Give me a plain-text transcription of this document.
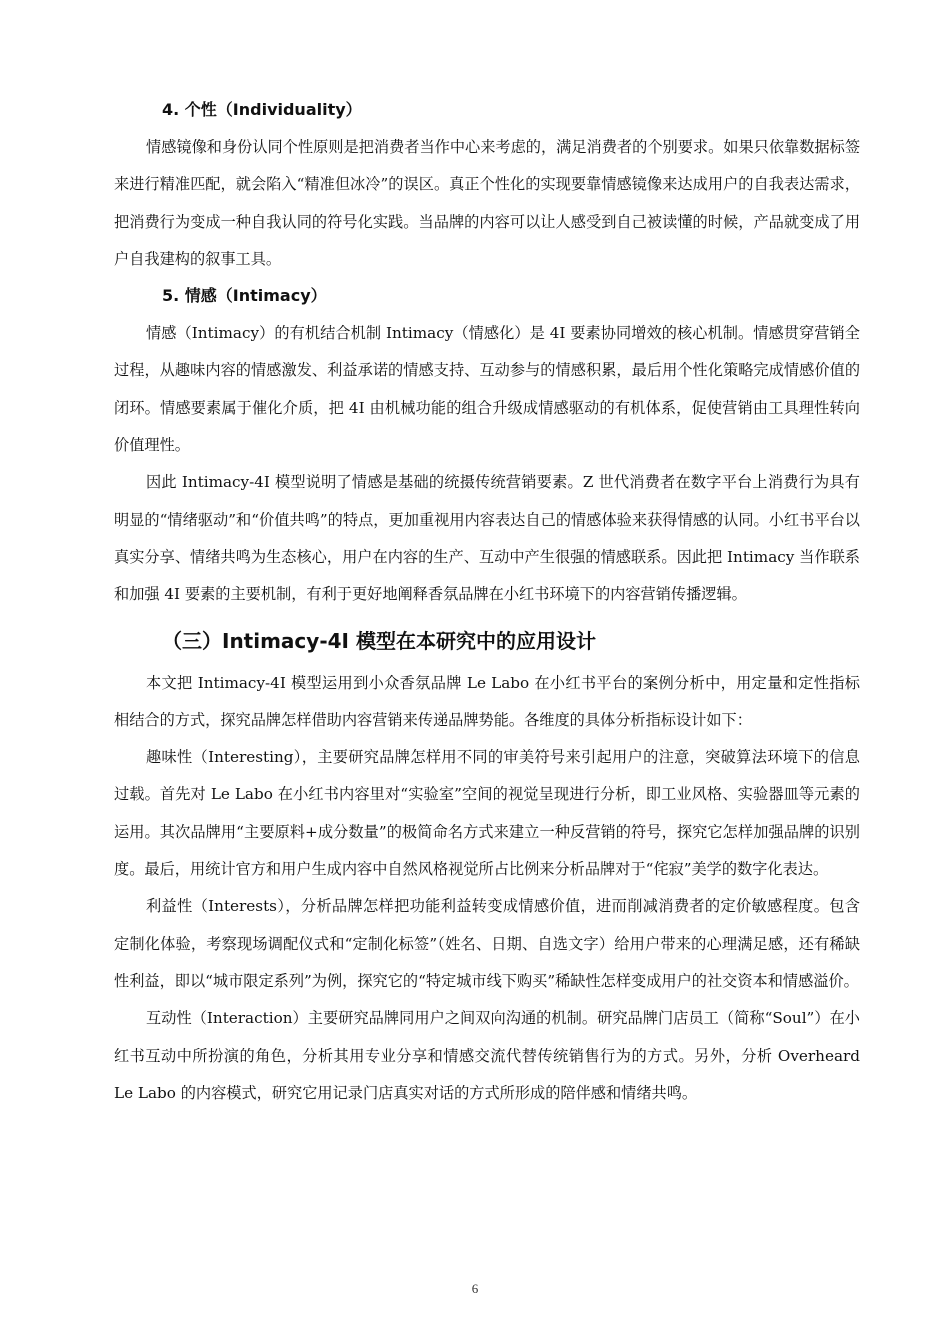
4. 个性（Individuality）

情感镜像和身份认同个性原则是把消费者当作中心来考虑的，满足消费者的个别要求。如果只依靠数据标签来进行精准匹配，就会陷入“精准但冰冷”的误区。真正个性化的实现要靠情感镜像来达成用户的自我表达需求，把消费行为变成一种自我认同的符号化实践。当品牌的内容可以让人感受到自己被读懂的时候，产品就变成了用户自我建构的叙事工具。

5. 情感（Intimacy）

情感（Intimacy）的有机结合机制 Intimacy（情感化）是 4I 要素协同增效的核心机制。情感贯穿营销全过程，从趣味内容的情感激发、利益承诺的情感支持、互动参与的情感积累，最后用个性化策略完成情感价值的闭环。情感要素属于催化介质，把 4I 由机械功能的组合升级成情感驱动的有机体系，促使营销由工具理性转向价值理性。

因此 Intimacy-4I 模型说明了情感是基础的统摄传统营销要素。Z 世代消费者在数字平台上消费行为具有明显的“情绪驱动”和“价值共鸣”的特点，更加重视用内容表达自己的情感体验来获得情感的认同。小红书平台以真实分享、情绪共鸣为生态核心，用户在内容的生产、互动中产生很强的情感联系。因此把 Intimacy 当作联系和加强 4I 要素的主要机制，有利于更好地阐释香氛品牌在小红书环境下的内容营销传播逻辑。

（三）Intimacy-4I 模型在本研究中的应用设计

本文把 Intimacy-4I 模型运用到小众香氛品牌 Le Labo 在小红书平台的案例分析中，用定量和定性指标相结合的方式，探究品牌怎样借助内容营销来传递品牌势能。各维度的具体分析指标设计如下：

趣味性（Interesting），主要研究品牌怎样用不同的审美符号来引起用户的注意，突破算法环境下的信息过载。首先对 Le Labo 在小红书内容里对“实验室”空间的视觉呈现进行分析，即工业风格、实验器皿等元素的运用。其次品牌用“主要原料+成分数量”的极简命名方式来建立一种反营销的符号，探究它怎样加强品牌的识别度。最后，用统计官方和用户生成内容中自然风格视觉所占比例来分析品牌对于“侘寂”美学的数字化表达。

利益性（Interests），分析品牌怎样把功能利益转变成情感价值，进而削减消费者的定价敏感程度。包含定制化体验，考察现场调配仪式和“定制化标签”（姓名、日期、自选文字）给用户带来的心理满足感，还有稀缺性利益，即以“城市限定系列”为例，探究它的“特定城市线下购买”稀缺性怎样变成用户的社交资本和情感溢价。

互动性（Interaction）主要研究品牌同用户之间双向沟通的机制。研究品牌门店员工（简称“Soul”）在小红书互动中所扮演的角色，分析其用专业分享和情感交流代替传统销售行为的方式。另外，分析 Overheard Le Labo 的内容模式，研究它用记录门店真实对话的方式所形成的陪伴感和情绪共鸣。

6
